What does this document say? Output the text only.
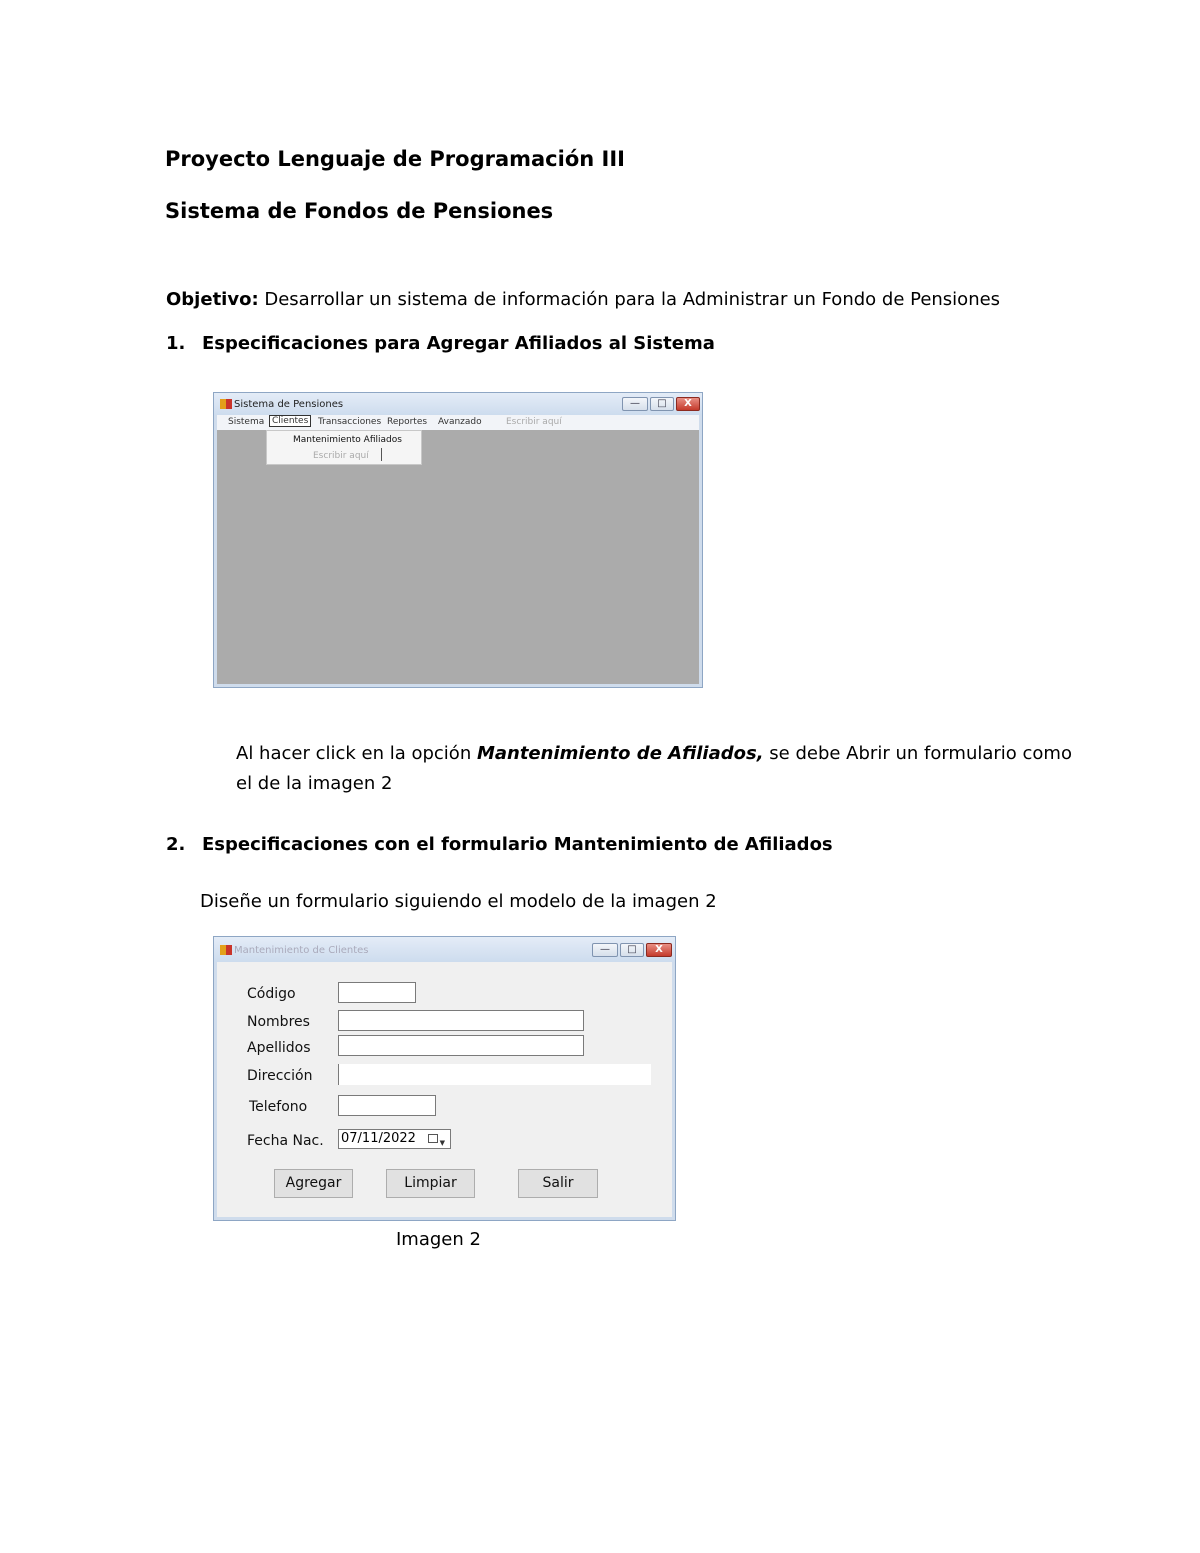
Proyecto Lenguaje de Programación III
Sistema de Fondos de Pensiones
Objetivo: Desarrollar un sistema de información para la Administrar un Fondo de Pensiones
1. Especificaciones para Agregar Afiliados al Sistema
Sistema de Pensiones	—	□	X
Sistema Clientes	Transacciones Reportes Avanzado	Escribir aquí
Mantenimiento Afiliados
Escribir aquí
Al hacer click en la opción Mantenimiento de Afiliados, se debe Abrir un formulario como
el de la imagen 2
2. Especificaciones con el formulario Mantenimiento de Afiliados
Diseñe un formulario siguiendo el modelo de la imagen 2
Mantenimiento de Clientes	—	□	X
Código
Nombres
Apellidos
Dirección
Telefono
Fecha Nac. 07/11/2022	▼
Agregar	Limpiar	Salir
Imagen 2
